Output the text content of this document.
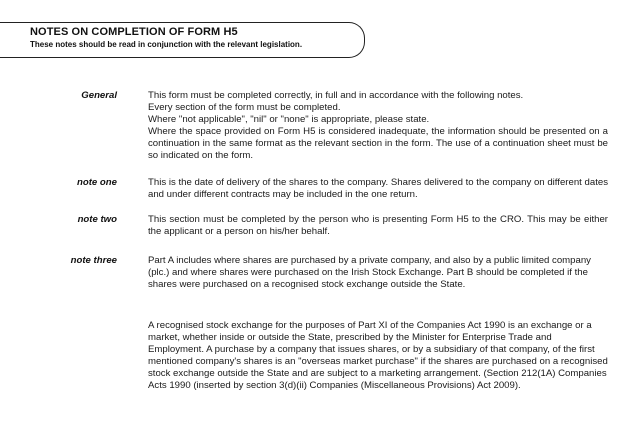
NOTES ON COMPLETION OF FORM H5
These notes should be read in conjunction with the relevant legislation.
General	This form must be completed correctly, in full and in accordance with the following notes.

Every section of the form must be completed.

Where "not applicable", "nil" or "none" is appropriate, please state.

Where the space provided on Form H5 is considered inadequate, the information should be presented on a continuation in the same format as the relevant section in the form. The use of a continuation sheet must be so indicated on the form.

note one	This is the date of delivery of the shares to the company. Shares delivered to the company on different dates and under different contracts may be included in the one return.

note two	This section must be completed by the person who is presenting Form H5 to the CRO. This may be either the applicant or a person on his/her behalf.

note three	Part A includes where shares are purchased by a private company, and also by a public limited company (plc.) and where shares were purchased on the Irish Stock Exchange. Part B should be completed if the shares were purchased on a recognised stock exchange outside the State.

A recognised stock exchange for the purposes of Part XI of the Companies Act 1990 is an exchange or a market, whether inside or outside the State, prescribed by the Minister for Enterprise Trade and Employment. A purchase by a company that issues shares, or by a subsidiary of that company, of the first mentioned company's shares is an "overseas market purchase" if the shares are purchased on a recognised stock exchange outside the State and are subject to a marketing arrangement. (Section 212(1A) Companies Acts 1990 (inserted by section 3(d)(ii) Companies (Miscellaneous Provisions) Act 2009).
